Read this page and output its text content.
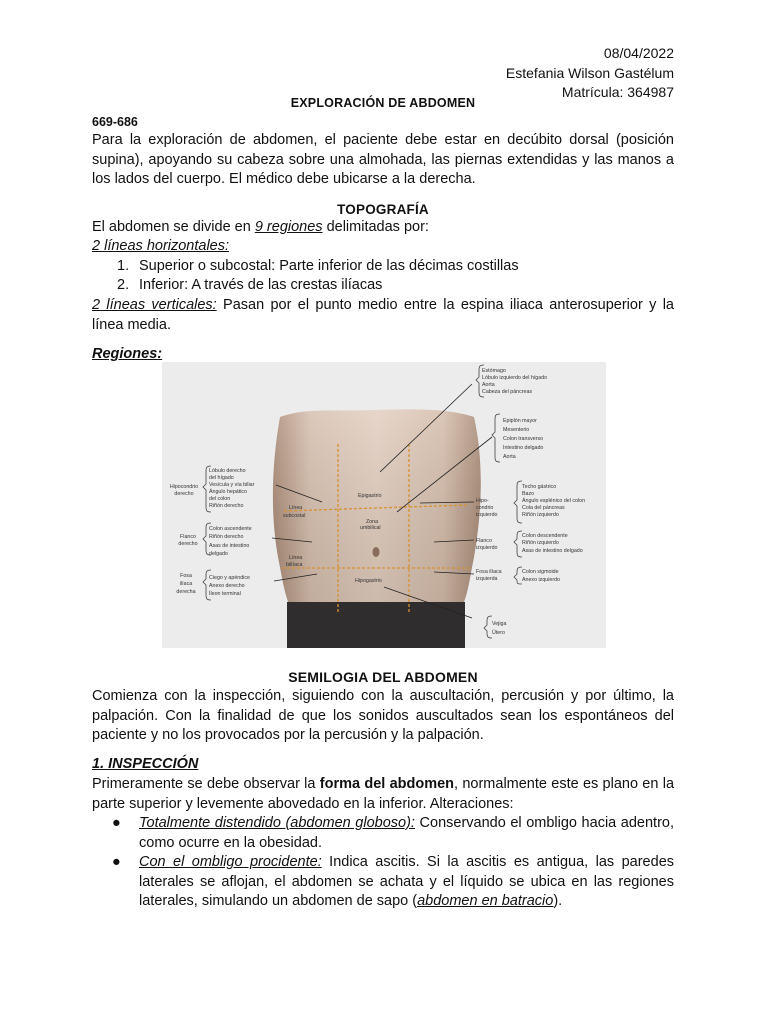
08/04/2022
Estefania Wilson Gastélum
Matrícula: 364987
EXPLORACIÓN DE ABDOMEN
669-686
Para la exploración de abdomen, el paciente debe estar en decúbito dorsal (posición supina), apoyando su cabeza sobre una almohada, las piernas extendidas y las manos a los lados del cuerpo. El médico debe ubicarse a la derecha.
TOPOGRAFÍA
El abdomen se divide en 9 regiones delimitadas por:
2 líneas horizontales:
1. Superior o subcostal: Parte inferior de las décimas costillas
2. Inferior: A través de las crestas ilíacas
2 líneas verticales: Pasan por el punto medio entre la espina iliaca anterosuperior y la línea media.
Regiones:
Epigastrio
Zona
umbilical
Hipogastrio
Línea
subcostal
Línea
biilíaca
Estómago
Lóbulo izquierdo del hígado
Aorta
Cabeza del páncreas
Epiplón mayor
Mesenterio
Colon transverso
Intestino delgado
Aorta
Hipocondrio
derecho
Lóbulo derecho
del hígado
Vesícula y vía biliar
Ángulo hepático
del colon
Riñón derecho
Flanco
derecho
Colon ascendente
Riñón derecho
Asas de intestino
delgado
Fosa
ilíaca
derecha
Ciego y apéndice
Anexo derecho
Íleon terminal
Hipo-
condrio
izquierdo
Techo gástrico
Bazo
Ángulo esplénico del colon
Cola del páncreas
Riñón izquierdo
Flanco
izquierdo
Colon descendente
Riñón izquierdo
Asas de intestino delgado
Fosa ilíaca
izquierda
Colon sigmoide
Anexo izquierdo
Vejiga
Útero
SEMILOGIA DEL ABDOMEN
Comienza con la inspección, siguiendo con la auscultación, percusión y por último, la palpación. Con la finalidad de que los sonidos auscultados sean los espontáneos del paciente y no los provocados por la percusión y la palpación.
1. INSPECCIÓN
Primeramente se debe observar la forma del abdomen, normalmente este es plano en la parte superior y levemente abovedado en la inferior. Alteraciones:
● Totalmente distendido (abdomen globoso): Conservando el ombligo hacia adentro, como ocurre en la obesidad.
● Con el ombligo procidente: Indica ascitis. Si la ascitis es antigua, las paredes laterales se aflojan, el abdomen se achata y el líquido se ubica en las regiones laterales, simulando un abdomen de sapo (abdomen en batracio).
